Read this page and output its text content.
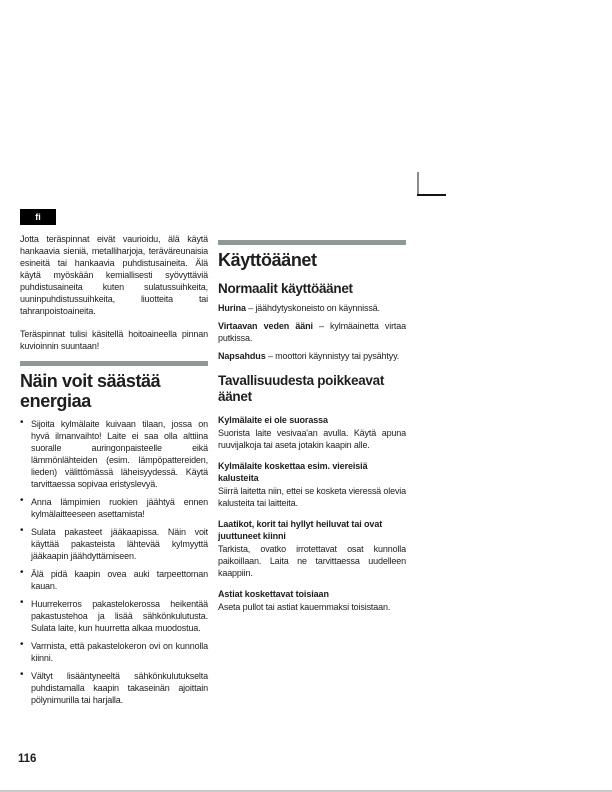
fi

Jotta teräspinnat eivät vaurioidu, älä käytä hankaavia sieniä, metalliharjoja, teräväreunaisia esineitä tai hankaavia puhdistusaineita. Älä käytä myöskään kemiallisesti syövyttäviä puhdistusaineita kuten sulatussuihkeita, uuninpuhdistussuihkeita, liuotteita tai tahranpoistoaineita.

Teräspinnat tulisi käsitellä hoitoaineella pinnan kuvioinnin suuntaan!

Näin voit säästää energiaa
• Sijoita kylmälaite kuivaan tilaan, jossa on hyvä ilmanvaihto! Laite ei saa olla alttiina suoralle auringonpaisteelle eikä lämmönlähteiden (esim. lämpöpattereiden, lieden) välittömässä läheisyydessä. Käytä tarvittaessa sopivaa eristyslevyä.
• Anna lämpimien ruokien jäähtyä ennen kylmälaitteeseen asettamista!
• Sulata pakasteet jääkaapissa. Näin voit käyttää pakasteista lähtevää kylmyyttä jääkaapin jäähdyttämiseen.
• Älä pidä kaapin ovea auki tarpeettoman kauan.
• Huurrekerros pakastelokerossa heikentää pakastustehoa ja lisää sähkönkulutusta. Sulata laite, kun huurretta alkaa muodostua.
• Varmista, että pakastelokeron ovi on kunnolla kiinni.
• Vältyt lisääntyneeltä sähkönkulutukselta puhdistamalla kaapin takaseinän ajoittain pölynimurilla tai harjalla.
Käyttöäänet
Normaalit käyttöäänet

Hurina – jäähdytyskoneisto on käynnissä.

Virtaavan veden ääni – kylmäainetta virtaa putkissa.

Napsahdus – moottori käynnistyy tai pysähtyy.

Tavallisuudesta poikkeavat äänet
Kylmälaite ei ole suorassa

Suorista laite vesivaa'an avulla. Käytä apuna ruuvijalkoja tai aseta jotakin kaapin alle.

Kylmälaite koskettaa esim. viereisiä kalusteita

Siirrä laitetta niin, ettei se kosketa vieressä olevia kalusteita tai laitteita.

Laatikot, korit tai hyllyt heiluvat tai ovat juuttuneet kiinni

Tarkista, ovatko irrotettavat osat kunnolla paikoillaan. Laita ne tarvittaessa uudelleen kaappiin.

Astiat koskettavat toisiaan

Aseta pullot tai astiat kauemmaksi toisistaan.

116
